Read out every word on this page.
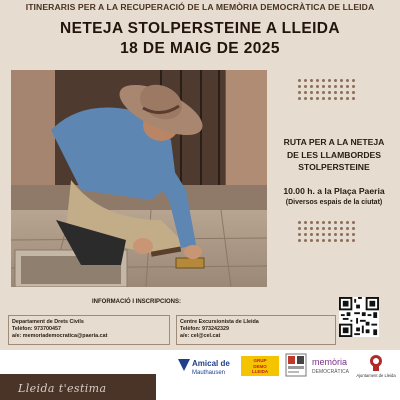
ITINERARIS PER A LA RECUPERACIÓ DE LA MEMÒRIA DEMOCRÀTICA DE LLEIDA
NETEJA STOLPERSTEINE A LLEIDA
18 DE MAIG DE 2025
RUTA PER A LA NETEJA
DE LES LLAMBORDES
STOLPERSTEINE
10.00 h. a la Plaça Paeria
(Diversos espais de la ciutat)
INFORMACIÓ I INSCRIPCIONS:
Departament de Drets Civils
Telèfon: 973700457
a/e: memoriademocratica@paeria.cat
Centre Excursionista de Lleida
Telèfon: 973242329
a/e: cel@cel.cat
Lleida t'estima
Amical de
Mauthausen
GRUP
DEMO
LLEIDA
memòria
DEMOCRÀTICA
Ajuntament de Lleida
